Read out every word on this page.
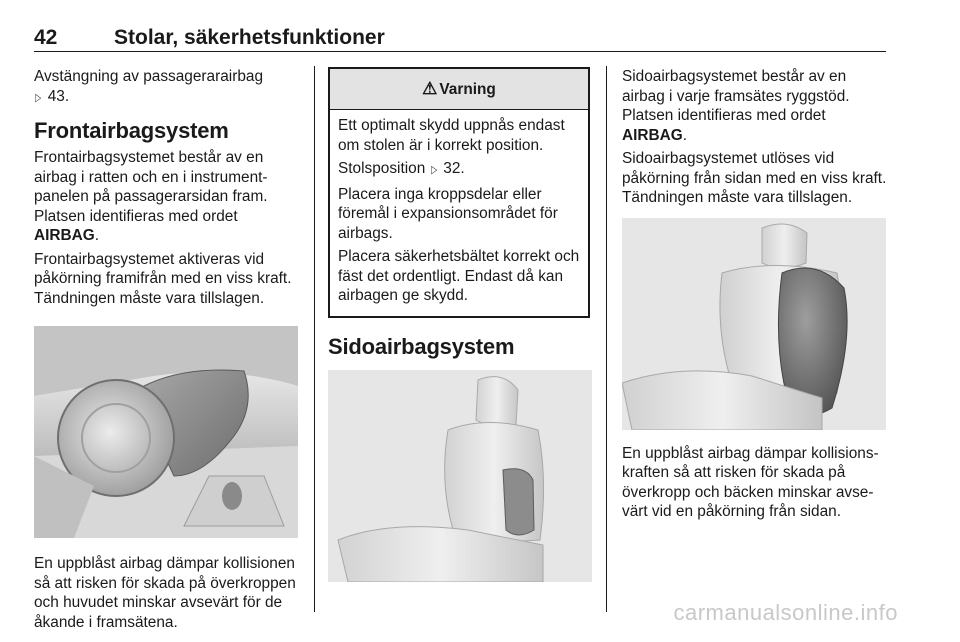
42	Stolar, säkerhetsfunktioner

Avstängning av passagerarairbag
▷ 43.

Frontairbagsystem

Frontairbagsystemet består av en airbag i ratten och en i instrumentpanelen på passagerarsidan fram. Platsen identifieras med ordet
AIRBAG.

Frontairbagsystemet aktiveras vid påkörning framifrån med en viss kraft. Tändningen måste vara tillslagen.

En uppblåst airbag dämpar kollisionen så att risken för skada på överkroppen och huvudet minskar avsevärt för de åkande i framsätena.

⚠ Varning

Ett optimalt skydd uppnås endast om stolen är i korrekt position.

Stolsposition ▷ 32.

Placera inga kroppsdelar eller föremål i expansionsområdet för airbags.

Placera säkerhetsbältet korrekt och fäst det ordentligt. Endast då kan airbagen ge skydd.

Sidoairbagsystem

Sidoairbagsystemet består av en airbag i varje framsätes ryggstöd. Platsen identifieras med ordet
AIRBAG.

Sidoairbagsystemet utlöses vid påkörning från sidan med en viss kraft. Tändningen måste vara tillslagen.

En uppblåst airbag dämpar kollisionskraften så att risken för skada på överkropp och bäcken minskar avsevärt vid en påkörning från sidan.

carmanualsonline.info
